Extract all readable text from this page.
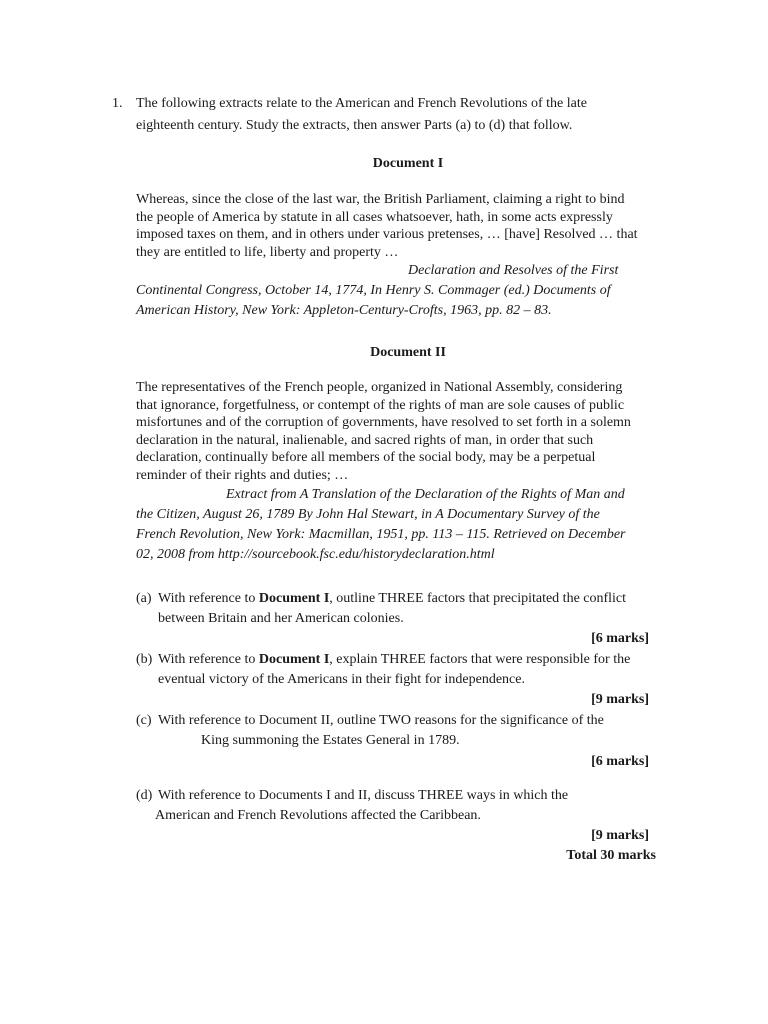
1. The following extracts relate to the American and French Revolutions of the late
eighteenth century. Study the extracts, then answer Parts (a) to (d) that follow.
Document I
Whereas, since the close of the last war, the British Parliament, claiming a right to bind
the people of America by statute in all cases whatsoever, hath, in some acts expressly
imposed taxes on them, and in others under various pretenses, … [have] Resolved … that
they are entitled to life, liberty and property …
Declaration and Resolves of the First
Continental Congress, October 14, 1774, In Henry S. Commager (ed.) Documents of
American History, New York: Appleton-Century-Crofts, 1963, pp. 82 – 83.
Document II
The representatives of the French people, organized in National Assembly, considering
that ignorance, forgetfulness, or contempt of the rights of man are sole causes of public
misfortunes and of the corruption of governments, have resolved to set forth in a solemn
declaration in the natural, inalienable, and sacred rights of man, in order that such
declaration, continually before all members of the social body, may be a perpetual
reminder of their rights and duties; …
Extract from A Translation of the Declaration of the Rights of Man and
the Citizen, August 26, 1789 By John Hal Stewart, in A Documentary Survey of the
French Revolution, New York: Macmillan, 1951, pp. 113 – 115. Retrieved on December
02, 2008 from http://sourcebook.fsc.edu/historydeclaration.html
(a) With reference to Document I, outline THREE factors that precipitated the conflict
between Britain and her American colonies.
[6 marks]
(b) With reference to Document I, explain THREE factors that were responsible for the
eventual victory of the Americans in their fight for independence.
[9 marks]
(c) With reference to Document II, outline TWO reasons for the significance of the
King summoning the Estates General in 1789.
[6 marks]
(d) With reference to Documents I and II, discuss THREE ways in which the
American and French Revolutions affected the Caribbean.
[9 marks]
Total 30 marks
